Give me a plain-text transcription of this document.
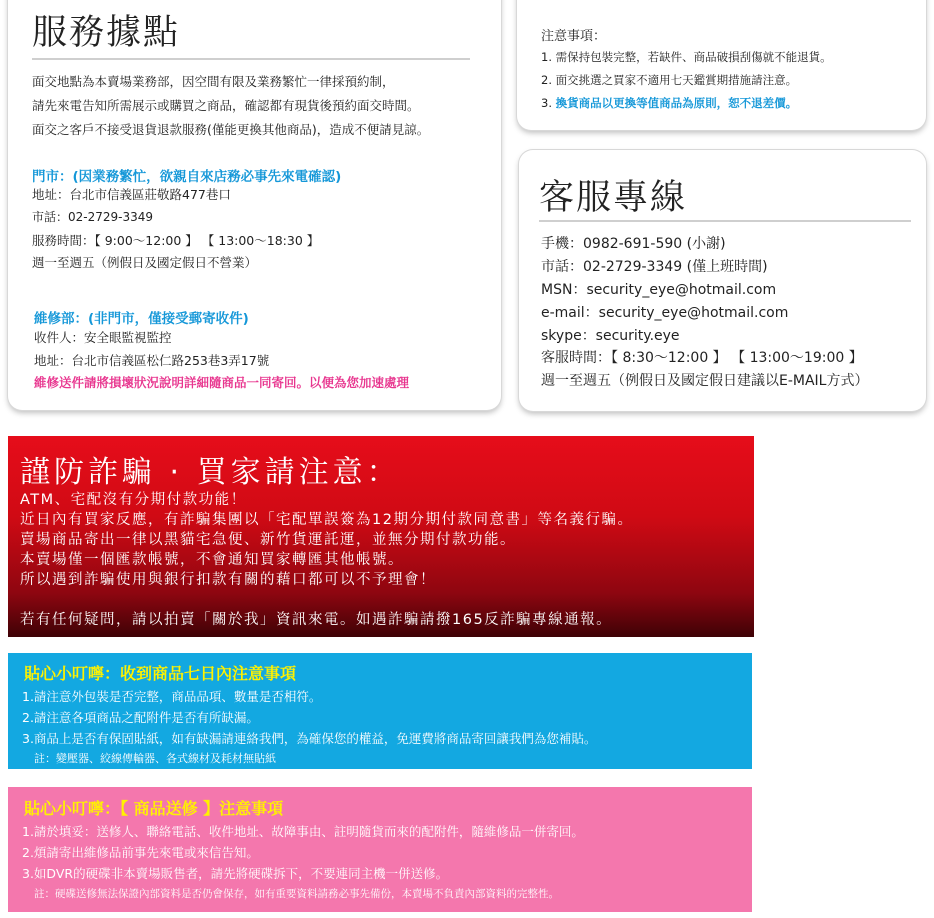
服務據點
面交地點為本賣場業務部，因空間有限及業務繁忙一律採預約制，
請先來電告知所需展示或購買之商品，確認都有現貨後預約面交時間。
面交之客戶不接受退貨退款服務(僅能更換其他商品)，造成不便請見諒。
門市：(因業務繁忙，欲親自來店務必事先來電確認)
地址：台北市信義區莊敬路477巷口
市話：02-2729-3349
服務時間：【 9:00～12:00 】 【 13:00～18:30 】
週一至週五（例假日及國定假日不營業）
維修部：(非門市，僅接受郵寄收件)
收件人：安全眼監視監控
地址：台北市信義區松仁路253巷3弄17號
維修送件請將損壞狀況說明詳細隨商品一同寄回。以便為您加速處理
注意事項：
1. 需保持包裝完整，若缺件、商品破損刮傷就不能退貨。
2. 面交挑選之買家不適用七天鑑賞期措施請注意。
3. 換貨商品以更換等值商品為原則，恕不退差價。
客服專線
手機：0982-691-590 (小謝)
市話：02-2729-3349 (僅上班時間)
MSN：security_eye@hotmail.com
e-mail：security_eye@hotmail.com
skype：security.eye
客服時間：【 8:30～12:00 】 【 13:00～19:00 】
週一至週五（例假日及國定假日建議以E-MAIL方式）
謹防詐騙 · 買家請注意：
ATM、宅配沒有分期付款功能！
近日內有買家反應，有詐騙集團以「宅配單誤簽為12期分期付款同意書」等名義行騙。
賣場商品寄出一律以黑貓宅急便、新竹貨運託運，並無分期付款功能。
本賣場僅一個匯款帳號，不會通知買家轉匯其他帳號。
所以遇到詐騙使用與銀行扣款有關的藉口都可以不予理會！
若有任何疑問，請以拍賣「關於我」資訊來電。如遇詐騙請撥165反詐騙專線通報。
貼心小叮嚀：收到商品七日內注意事項
1.請注意外包裝是否完整，商品品項、數量是否相符。
2.請注意各項商品之配附件是否有所缺漏。
3.商品上是否有保固貼紙，如有缺漏請連絡我們，為確保您的權益，免運費將商品寄回讓我們為您補貼。
註：變壓器、絞線傳輸器、各式線材及耗材無貼紙
貼心小叮嚀：【 商品送修 】注意事項
1.請於填妥：送修人、聯絡電話、收件地址、故障事由、註明隨貨而來的配附件，隨維修品一併寄回。
2.煩請寄出維修品前事先來電或來信告知。
3.如DVR的硬碟非本賣場販售者，請先將硬碟拆下，不要連同主機一併送修。
註：硬碟送修無法保證內部資料是否仍會保存，如有重要資料請務必事先備份，本賣場不負責內部資料的完整性。
